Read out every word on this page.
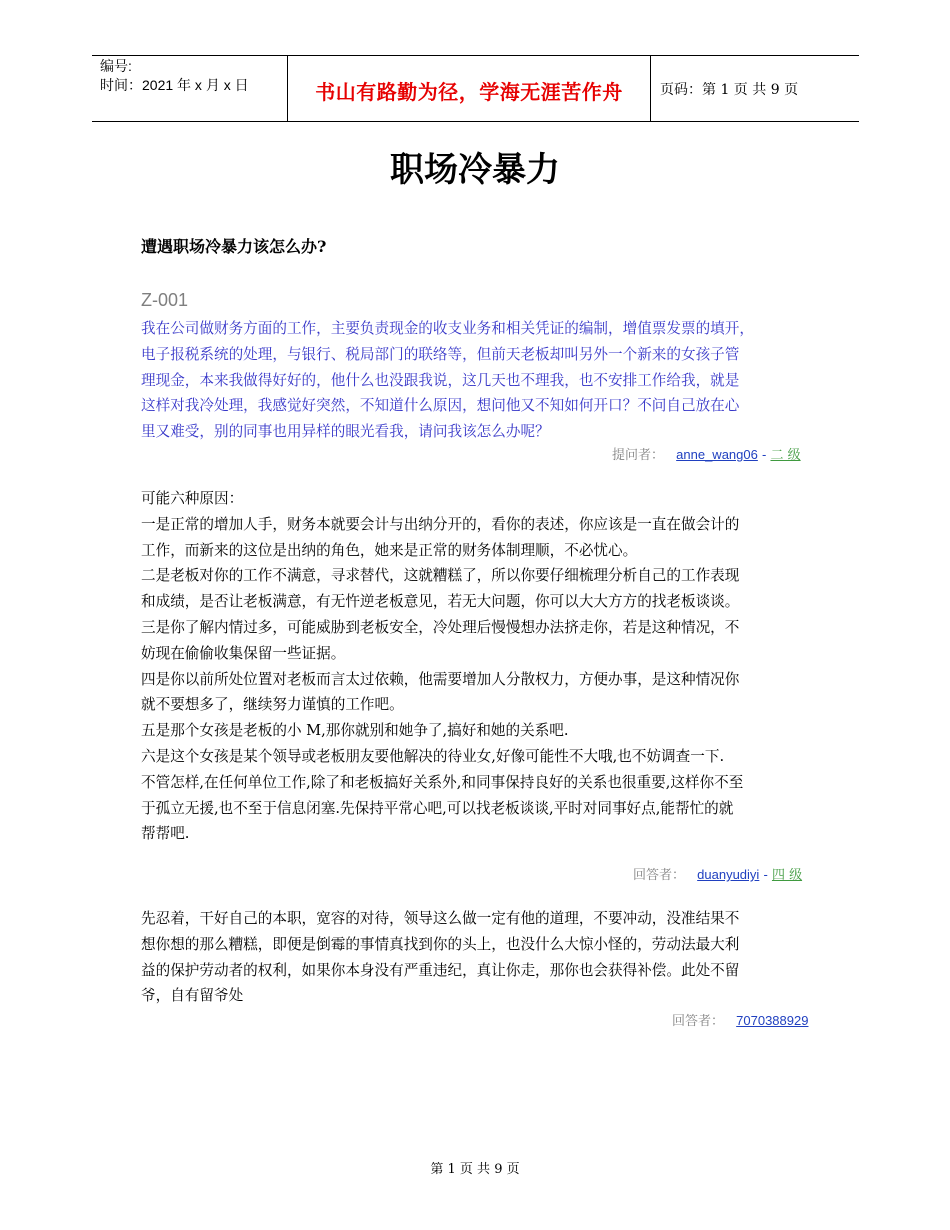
编号:
时间：2021 年 x 月 x 日	书山有路勤为径，学海无涯苦作舟	页码：第 1 页 共 9 页
职场冷暴力
遭遇职场冷暴力该怎么办?
Z-001

我在公司做财务方面的工作，主要负责现金的收支业务和相关凭证的编制，增值票发票的填开，

电子报税系统的处理，与银行、税局部门的联络等，但前天老板却叫另外一个新来的女孩子管

理现金，本来我做得好好的，他什么也没跟我说，这几天也不理我，也不安排工作给我，就是

这样对我冷处理，我感觉好突然，不知道什么原因，想问他又不知如何开口？不问自己放在心

里又难受，别的同事也用异样的眼光看我，请问我该怎么办呢？

提问者： anne_wang06 - 二 级

可能六种原因：

一是正常的增加人手，财务本就要会计与出纳分开的，看你的表述，你应该是一直在做会计的

工作，而新来的这位是出纳的角色，她来是正常的财务体制理顺，不必忧心。

二是老板对你的工作不满意，寻求替代，这就糟糕了，所以你要仔细梳理分析自己的工作表现

和成绩，是否让老板满意，有无忤逆老板意见，若无大问题，你可以大大方方的找老板谈谈。

三是你了解内情过多，可能威胁到老板安全，冷处理后慢慢想办法挤走你，若是这种情况，不

妨现在偷偷收集保留一些证据。

四是你以前所处位置对老板而言太过依赖，他需要增加人分散权力，方便办事，是这种情况你

就不要想多了，继续努力谨慎的工作吧。

五是那个女孩是老板的小 M,那你就别和她争了,搞好和她的关系吧.

六是这个女孩是某个领导或老板朋友要他解决的待业女,好像可能性不大哦,也不妨调查一下.

不管怎样,在任何单位工作,除了和老板搞好关系外,和同事保持良好的关系也很重要,这样你不至

于孤立无援,也不至于信息闭塞.先保持平常心吧,可以找老板谈谈,平时对同事好点,能帮忙的就

帮帮吧.

回答者： duanyudiyi - 四 级

先忍着，干好自己的本职，宽容的对待，领导这么做一定有他的道理，不要冲动，没准结果不

想你想的那么糟糕，即便是倒霉的事情真找到你的头上，也没什么大惊小怪的，劳动法最大利

益的保护劳动者的权利，如果你本身没有严重违纪，真让你走，那你也会获得补偿。此处不留

爷，自有留爷处

回答者： 7070388929
第 1 页 共 9 页
